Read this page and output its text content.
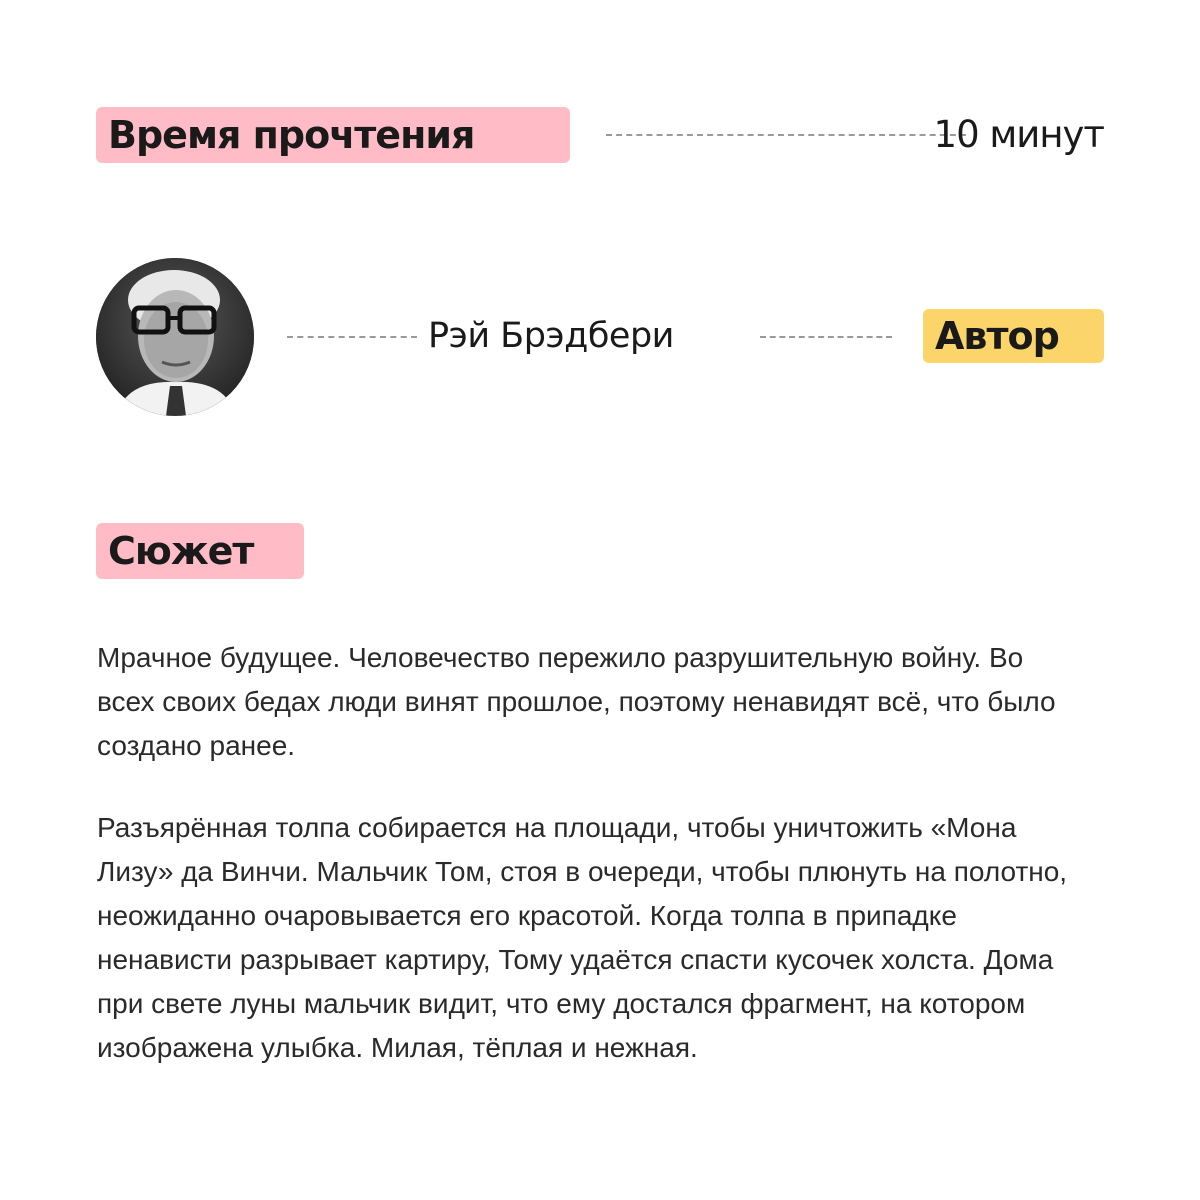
Время прочтения	10 минут
Рэй Брэдбери	Автор
Сюжет

Мрачное будущее. Человечество пережило разрушительную войну. Во всех своих бедах люди винят прошлое, поэтому ненавидят всё, что было создано ранее.

Разъярённая толпа собирается на площади, чтобы уничтожить «Мона Лизу» да Винчи. Мальчик Том, стоя в очереди, чтобы плюнуть на полотно, неожиданно очаровывается его красотой. Когда толпа в припадке ненависти разрывает картиру, Тому удаётся спасти кусочек холста. Дома при свете луны мальчик видит, что ему достался фрагмент, на котором изображена улыбка. Милая, тёплая и нежная.
